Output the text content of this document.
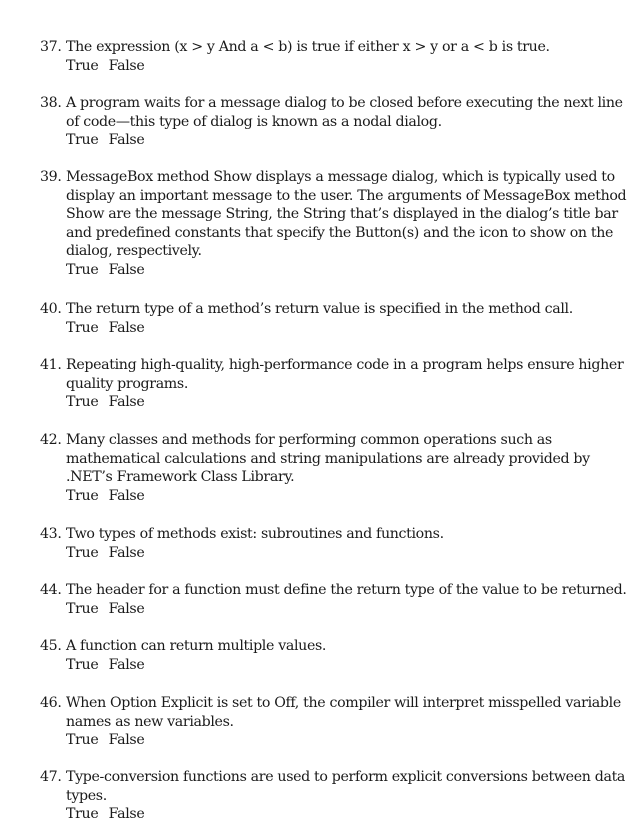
37. The expression (x > y And a < b) is true if either x > y or a < b is true.
True False
38. A program waits for a message dialog to be closed before executing the next line of code—this type of dialog is known as a nodal dialog.
True False
39. MessageBox method Show displays a message dialog, which is typically used to display an important message to the user. The arguments of MessageBox method Show are the message String, the String that’s displayed in the dialog’s title bar and predefined constants that specify the Button(s) and the icon to show on the dialog, respectively.
True False
40. The return type of a method’s return value is specified in the method call.
True False
41. Repeating high-quality, high-performance code in a program helps ensure higher quality programs.
True False
42. Many classes and methods for performing common operations such as mathematical calculations and string manipulations are already provided by .NET’s Framework Class Library.
True False
43. Two types of methods exist: subroutines and functions.
True False
44. The header for a function must define the return type of the value to be returned.
True False
45. A function can return multiple values.
True False
46. When Option Explicit is set to Off, the compiler will interpret misspelled variable names as new variables.
True False
47. Type-conversion functions are used to perform explicit conversions between data types.
True False
